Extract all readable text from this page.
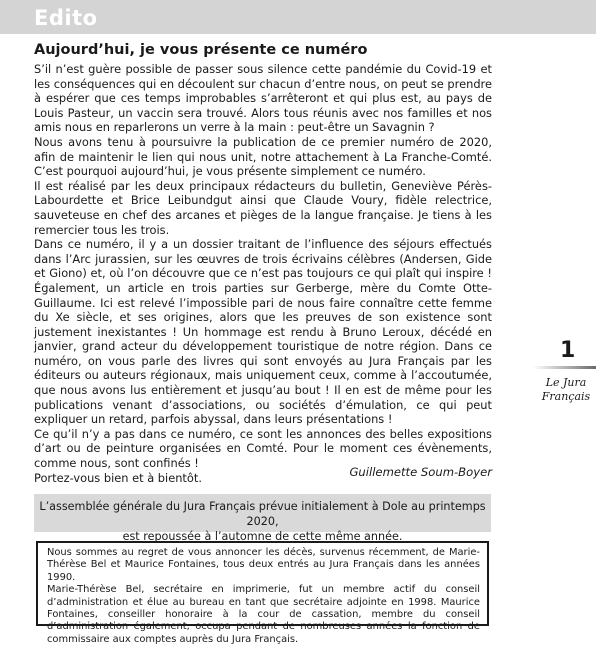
Edito
Aujourd’hui, je vous présente ce numéro

S’il n’est guère possible de passer sous silence cette pandémie du Covid-19 et les conséquences qui en découlent sur chacun d’entre nous, on peut se prendre à espérer que ces temps improbables s’arrêteront et qui plus est, au pays de Louis Pasteur, un vaccin sera trouvé. Alors tous réunis avec nos familles et nos amis nous en reparlerons un verre à la main : peut-être un Savagnin ?

Nous avons tenu à poursuivre la publication de ce premier numéro de 2020, afin de maintenir le lien qui nous unit, notre attachement à La Franche-Comté. C’est pourquoi aujourd’hui, je vous présente simplement ce numéro.

Il est réalisé par les deux principaux rédacteurs du bulletin, Geneviève Pérès-Labourdette et Brice Leibundgut ainsi que Claude Voury, fidèle relectrice, sauveteuse en chef des arcanes et pièges de la langue française. Je tiens à les remercier tous les trois.

Dans ce numéro, il y a un dossier traitant de l’influence des séjours effectués dans l’Arc jurassien, sur les œuvres de trois écrivains célèbres (Andersen, Gide et Giono) et, où l’on découvre que ce n’est pas toujours ce qui plaît qui inspire ! Également, un article en trois parties sur Gerberge, mère du Comte Otte-Guillaume. Ici est relevé l’impossible pari de nous faire connaître cette femme du Xe siècle, et ses origines, alors que les preuves de son existence sont justement inexistantes ! Un hommage est rendu à Bruno Leroux, décédé en janvier, grand acteur du développement touristique de notre région. Dans ce numéro, on vous parle des livres qui sont envoyés au Jura Français par les éditeurs ou auteurs régionaux, mais uniquement ceux, comme à l’accoutumée, que nous avons lus entièrement et jusqu’au bout ! Il en est de même pour les publications venant d’associations, ou sociétés d’émulation, ce qui peut expliquer un retard, parfois abyssal, dans leurs présentations !

Ce qu’il n’y a pas dans ce numéro, ce sont les annonces des belles expositions d’art ou de peinture organisées en Comté. Pour le moment ces évènements, comme nous, sont confinés !

Portez-vous bien et à bientôt.	Guillemette Soum-Boyer
1
Le Jura
Français
L’assemblée générale du Jura Français prévue initialement à Dole au printemps 2020,
est repoussée à l’automne de cette même année.

Nous sommes au regret de vous annoncer les décès, survenus récemment, de Marie-Thérèse Bel et Maurice Fontaines, tous deux entrés au Jura Français dans les années 1990.

Marie-Thérèse Bel, secrétaire en imprimerie, fut un membre actif du conseil d’administration et élue au bureau en tant que secrétaire adjointe en 1998. Maurice Fontaines, conseiller honoraire à la cour de cassation, membre du conseil d’administration également, occupa pendant de nombreuses années la fonction de commissaire aux comptes auprès du Jura Français.
